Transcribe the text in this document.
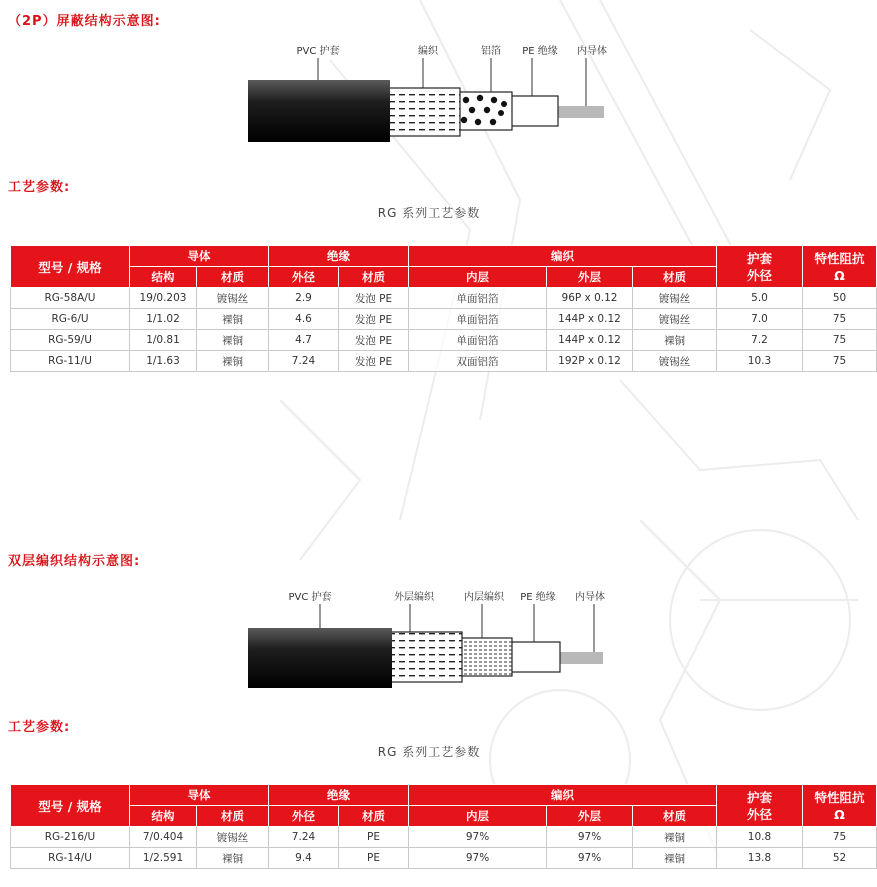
（2P）屏蔽结构示意图:
PVC 护套	编织	铝箔 PE 绝缘 内导体
工艺参数:
RG 系列工艺参数
型号 / 规格	导体		绝缘		编织			护套
外径	特性阻抗
Ω
	结构	材质	外径	材质	内层	外层	材质		
RG-58A/U	19/0.203	镀锡丝	2.9	发泡 PE	单面铝箔	96P x 0.12	镀锡丝	5.0	50
RG-6/U	1/1.02	裸铜	4.6	发泡 PE	单面铝箔	144P x 0.12	镀锡丝	7.0	75
RG-59/U	1/0.81	裸铜	4.7	发泡 PE	单面铝箔	144P x 0.12	裸铜	7.2	75
RG-11/U	1/1.63	裸铜	7.24	发泡 PE	双面铝箔	192P x 0.12	镀锡丝	10.3	75
双层编织结构示意图:
PVC 护套	外层编织	内层编织 PE 绝缘 内导体
工艺参数:
RG 系列工艺参数
型号 / 规格	导体		绝缘		编织			护套
外径	特性阻抗
Ω
	结构	材质	外径	材质	内层	外层	材质		
RG-216/U	7/0.404	镀锡丝	7.24	PE	97%	97%	裸铜	10.8	75
RG-14/U	1/2.591	裸铜	9.4	PE	97%	97%	裸铜	13.8	52
